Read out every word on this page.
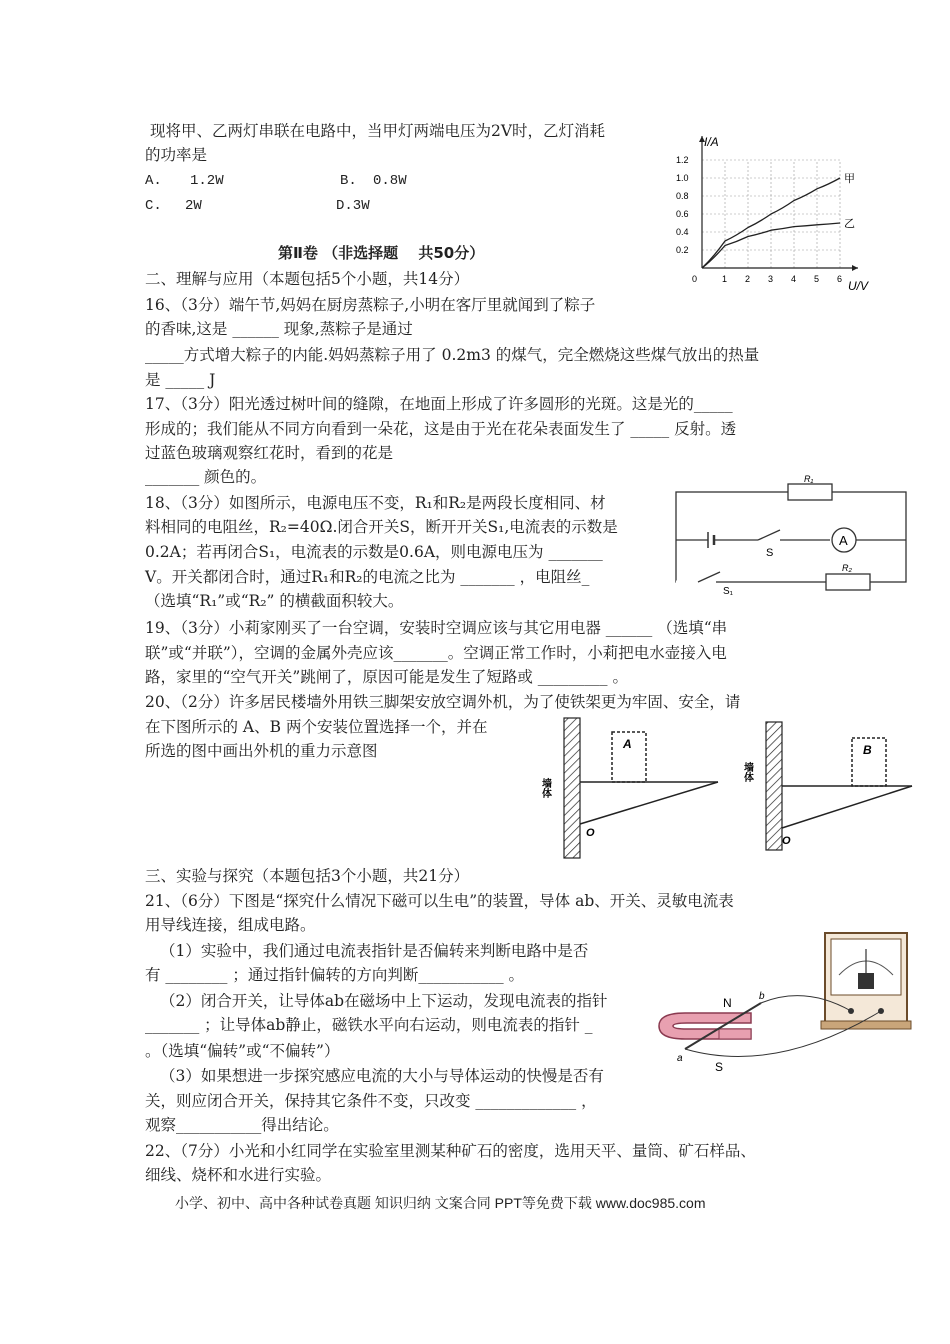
现将甲、乙两灯串联在电路中，当甲灯两端电压为2V时，乙灯消耗
的功率是
A. 1.2W	B. 0.8W
C. 2W	D.3W
0	1 2 3 4 5 6
0.2
0.4
0.6
0.8
1.0
1.2
甲
乙
I/A
U/V
第Ⅱ卷 （非选择题　 共50分）
二、理解与应用（本题包括5个小题，共14分）
16、（3分）端午节,妈妈在厨房蒸粽子,小明在客厅里就闻到了粽子
的香味,这是 ______ 现象,蒸粽子是通过
_____方式增大粽子的内能.妈妈蒸粽子用了 0.2m3 的煤气，完全燃烧这些煤气放出的热量
是 _____ J
17、（3分）阳光透过树叶间的缝隙，在地面上形成了许多圆形的光斑。这是光的_____
形成的；我们能从不同方向看到一朵花，这是由于光在花朵表面发生了 _____ 反射。透
过蓝色玻璃观察红花时，看到的花是
_______ 颜色的。
18、（3分）如图所示，电源电压不变，R₁和R₂是两段长度相同、材
料相同的电阻丝，R₂=40Ω.闭合开关S，断开开关S₁,电流表的示数是
0.2A；若再闭合S₁，电流表的示数是0.6A，则电源电压为 _______
V。开关都闭合时，通过R₁和R₂的电流之比为 _______ ，电阻丝_
（选填“R₁”或“R₂” 的横截面积较大。
R₁
S
A
S₁
R₂
19、（3分）小莉家刚买了一台空调，安装时空调应该与其它用电器 ______ （选填“串
联”或“并联”），空调的金属外壳应该_______。空调正常工作时，小莉把电水壶接入电
路，家里的“空气开关”跳闸了，原因可能是发生了短路或 _________ 。
20、（2分）许多居民楼墙外用铁三脚架安放空调外机，为了使铁架更为牢固、安全，请
在下图所示的 A、B 两个安装位置选择一个，并在
所选的图中画出外机的重力示意图
墙体
A
O
墙体
B
O
三、实验与探究（本题包括3个小题，共21分）
21、（6分）下图是“探究什么情况下磁可以生电”的装置，导体 ab、开关、灵敏电流表
用导线连接，组成电路。
（1）实验中，我们通过电流表指针是否偏转来判断电路中是否
有 ________ ；通过指针偏转的方向判断___________ 。
（2）闭合开关，让导体ab在磁场中上下运动，发现电流表的指针
_______ ；让导体ab静止，磁铁水平向右运动，则电流表的指针 _
。（选填“偏转”或“不偏转”）
（3）如果想进一步探究感应电流的大小与导体运动的快慢是否有
关，则应闭合开关，保持其它条件不变，只改变 _____________ ，
观察___________得出结论。
N
S
a
b
22、（7分）小光和小红同学在实验室里测某种矿石的密度，选用天平、量筒、矿石样品、
细线、烧杯和水进行实验。
小学、初中、高中各种试卷真题 知识归纳 文案合同 PPT等免费下载 www.doc985.com
